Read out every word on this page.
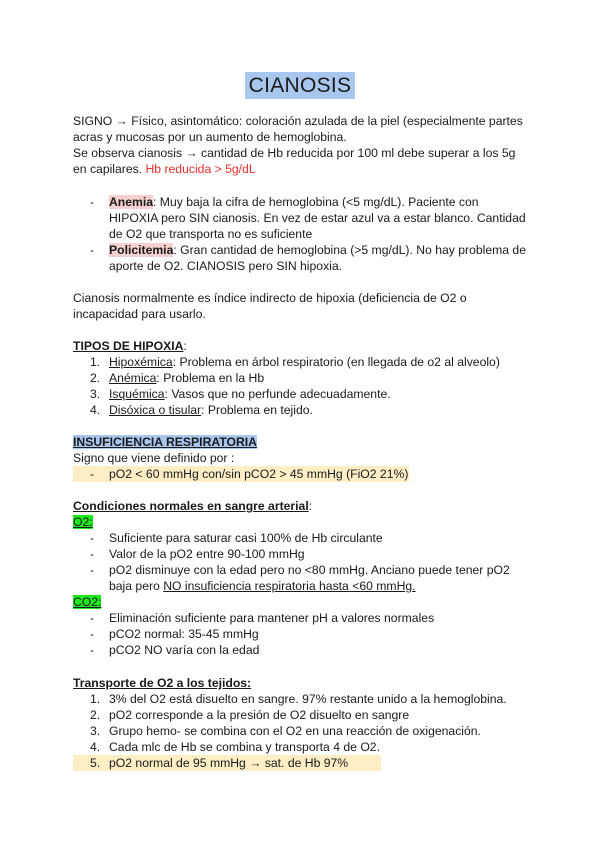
CIANOSIS

SIGNO → Físico, asintomático: coloración azulada de la piel (especialmente partes

acras y mucosas por un aumento de hemoglobina.

Se observa cianosis → cantidad de Hb reducida por 100 ml debe superar a los 5g

en capilares. Hb reducida > 5g/dL

- Anemia: Muy baja la cifra de hemoglobina (<5 mg/dL). Paciente con

HIPOXIA pero SIN cianosis. En vez de estar azul va a estar blanco. Cantidad

de O2 que transporta no es suficiente

- Policitemia: Gran cantidad de hemoglobina (>5 mg/dL). No hay problema de

aporte de O2. CIANOSIS pero SIN hipoxia.

Cianosis normalmente es índice indirecto de hipoxia (deficiencia de O2 o

incapacidad para usarlo.

TIPOS DE HIPOXIA:

1. Hipoxémica: Problema en árbol respiratorio (en llegada de o2 al alveolo)
2. Anémica: Problema en la Hb
3. Isquémica: Vasos que no perfunde adecuadamente.
4. Disóxica o tisular: Problema en tejido.

INSUFICIENCIA RESPIRATORIA

Signo que viene definido por :

- pO2 < 60 mmHg con/sin pCO2 > 45 mmHg (FiO2 21%)

Condiciones normales en sangre arterial:

O2:

- Suficiente para saturar casi 100% de Hb circulante
- Valor de la pO2 entre 90-100 mmHg
- pO2 disminuye con la edad pero no <80 mmHg. Anciano puede tener pO2

baja pero NO insuficiencia respiratoria hasta <60 mmHg.

CO2:

- Eliminación suficiente para mantener pH a valores normales
- pCO2 normal: 35-45 mmHg
- pCO2 NO varía con la edad

Transporte de O2 a los tejidos:

1. 3% del O2 está disuelto en sangre. 97% restante unido a la hemoglobina.
2. pO2 corresponde a la presión de O2 disuelto en sangre
3. Grupo hemo- se combina con el O2 en una reacción de oxigenación.
4. Cada mlc de Hb se combina y transporta 4 de O2.
5. pO2 normal de 95 mmHg → sat. de Hb 97%
